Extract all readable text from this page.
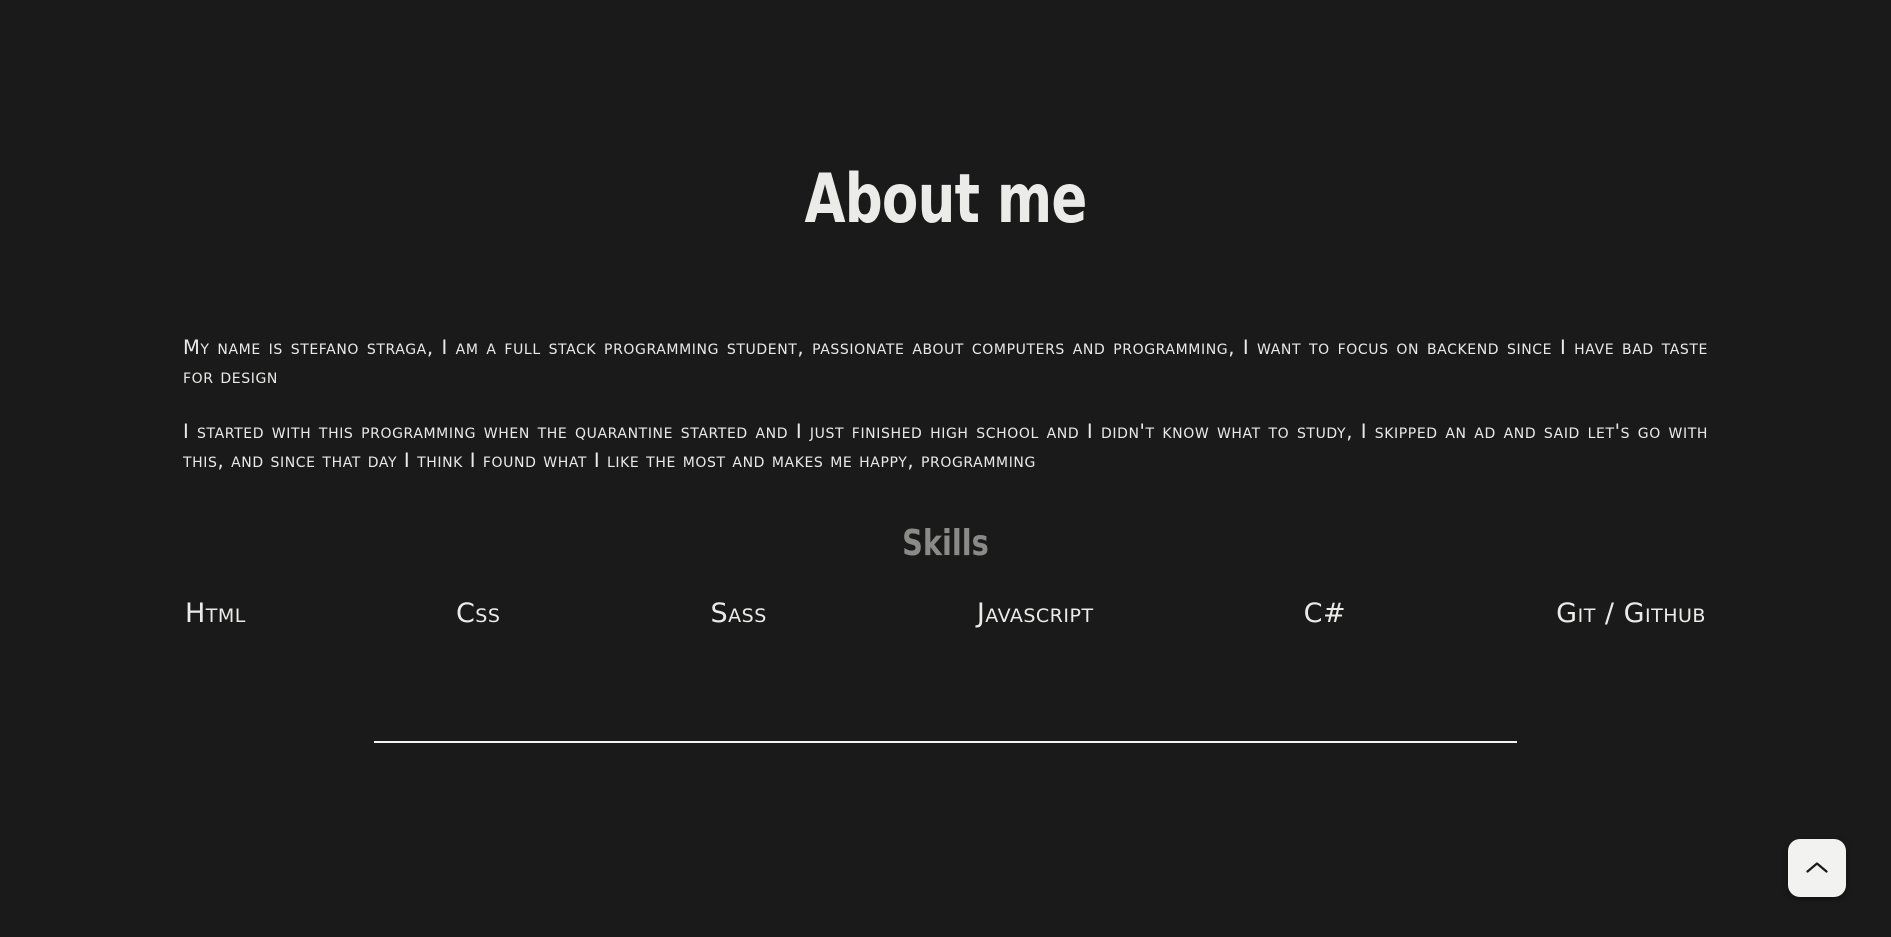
About me

My name is stefano straga, I am a full stack programming student, passionate about computers and programming, I want to focus on backend since I have bad taste for design

I started with this programming when the quarantine started and I just finished high school and I didn't know what to study, I skipped an ad and said let's go with this, and since that day I think I found what I like the most and makes me happy, programming

Skills
Html	Css	Sass	Javascript	C#	Git / Github
